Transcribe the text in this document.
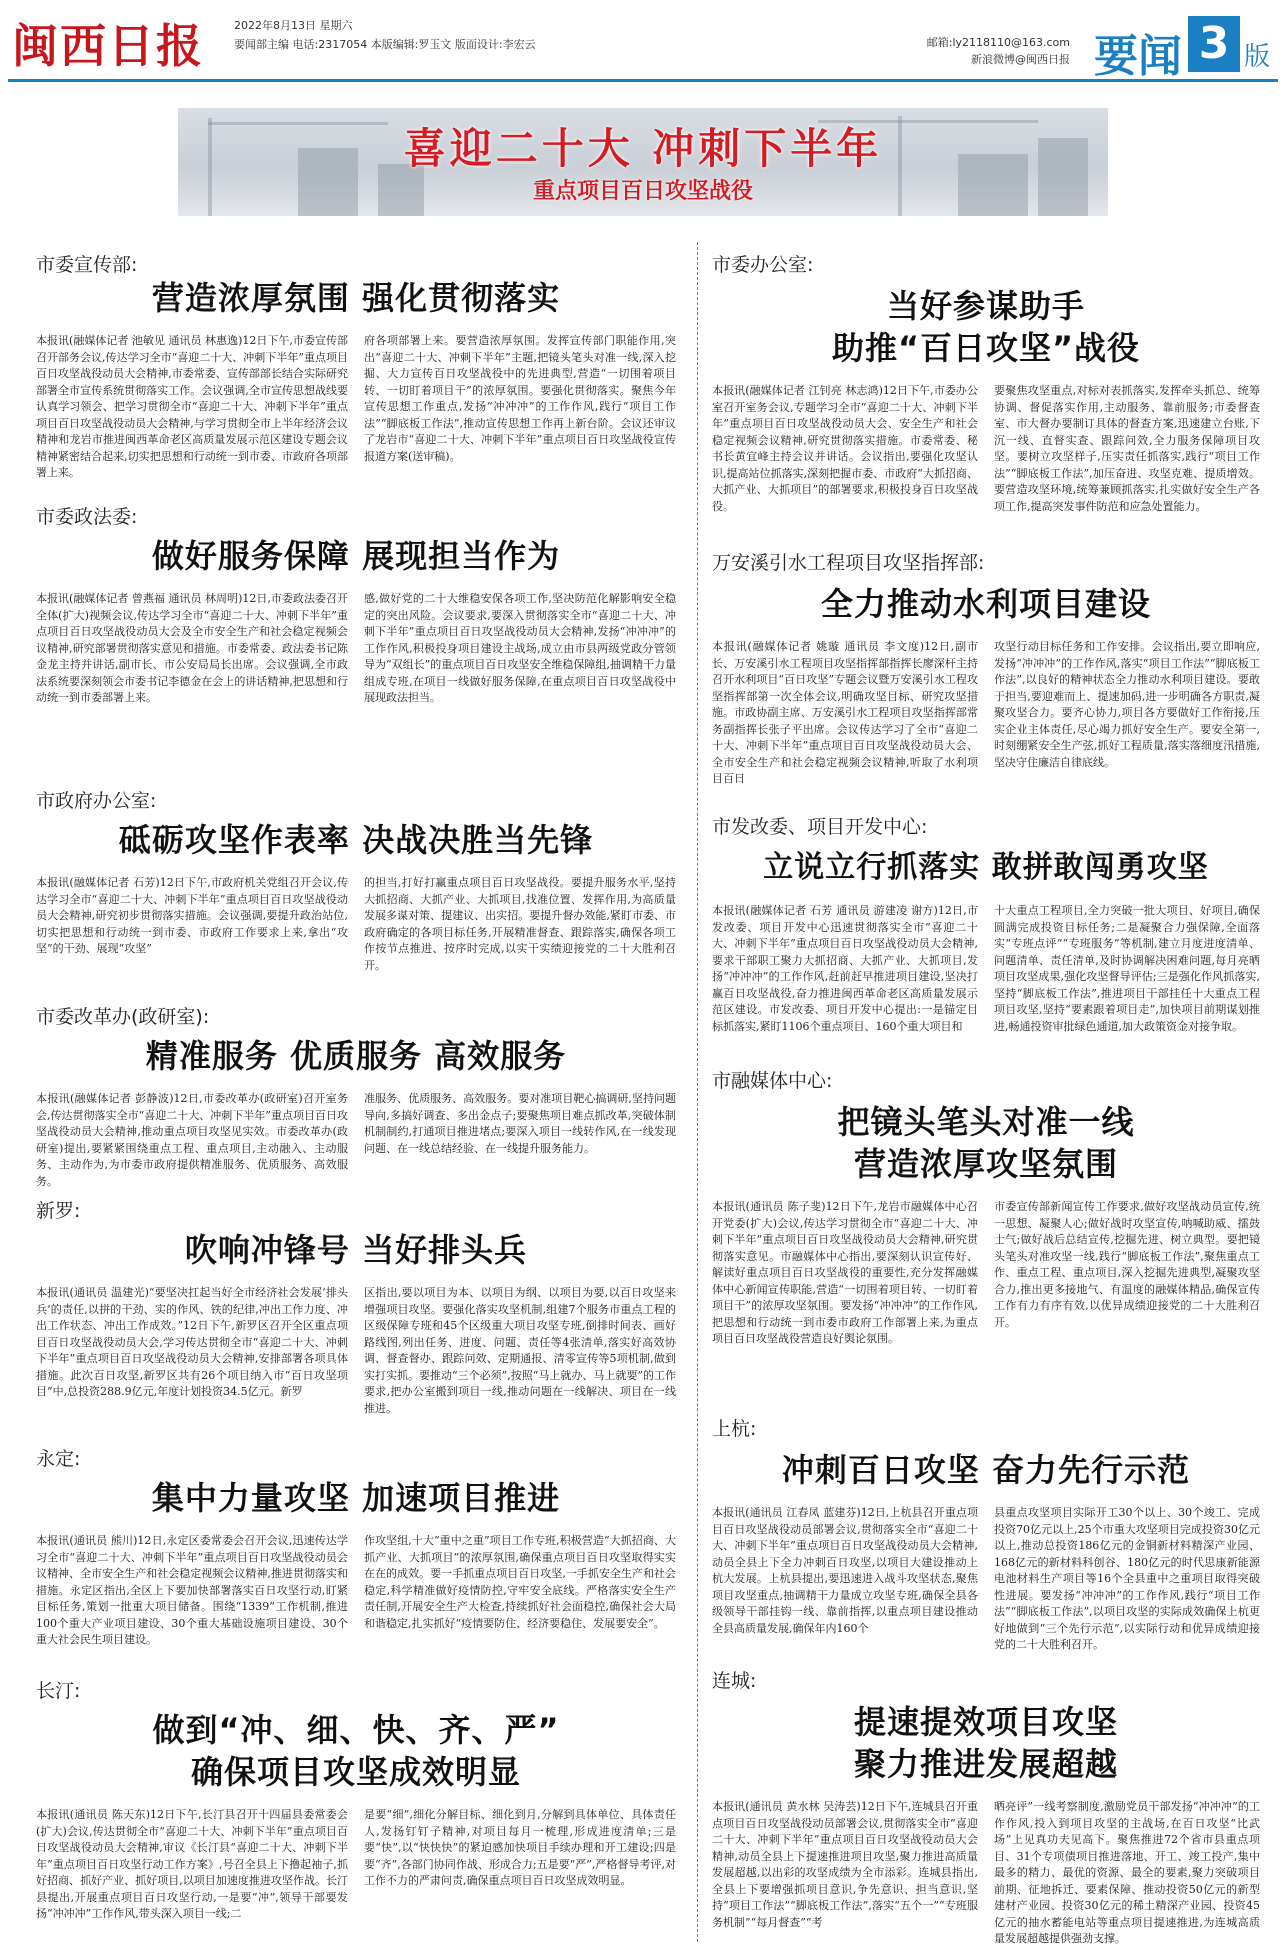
闽西日报	2022年8月13日 星期六
要闻部主编 电话:2317054 本版编辑:罗玉文 版面设计:李宏云	邮箱:ly2118110@163.com
新浪微博@闽西日报 要闻 3 版
喜迎二十大 冲刺下半年
重点项目百日攻坚战役
市委宣传部:
营造浓厚氛围 强化贯彻落实

本报讯(融媒体记者 池敏见 通讯员 林惠逸)12日下午,市委宣传部召开部务会议,传达学习全市“喜迎二十大、冲刺下半年”重点项目百日攻坚战役动员大会精神,市委常委、宣传部部长结合实际研究部署全市宣传系统贯彻落实工作。会议强调,全市宣传思想战线要认真学习领会、把学习贯彻全市“喜迎二十大、冲刺下半年”重点项目百日攻坚战役动员大会精神,与学习贯彻全市上半年经济会议精神和龙岩市推进闽西革命老区高质量发展示范区建设专题会议精神紧密结合起来,切实把思想和行动统一到市委、市政府各项部署上来。

府各项部署上来。要营造浓厚氛围。发挥宣传部门职能作用,突出“喜迎二十大、冲刺下半年”主题,把镜头笔头对准一线,深入挖掘、大力宣传百日攻坚战役中的先进典型,营造“一切围着项目转、一切盯着项目干”的浓厚氛围。要强化贯彻落实。聚焦今年宣传思想工作重点,发扬“冲冲冲”的工作作风,践行“项目工作法”“脚底板工作法”,推动宣传思想工作再上新台阶。会议还审议了龙岩市“喜迎二十大、冲刺下半年”重点项目百日攻坚战役宣传报道方案(送审稿)。

市委政法委:
做好服务保障 展现担当作为

本报讯(融媒体记者 曾燕福 通讯员 林周明)12日,市委政法委召开全体(扩大)视频会议,传达学习全市“喜迎二十大、冲刺下半年”重点项目百日攻坚战役动员大会及全市安全生产和社会稳定视频会议精神,研究部署贯彻落实意见和措施。市委常委、政法委书记陈金龙主持并讲话,副市长、市公安局局长出席。会议强调,全市政法系统要深刻领会市委书记李德金在会上的讲话精神,把思想和行动统一到市委部署上来。

感,做好党的二十大维稳安保各项工作,坚决防范化解影响安全稳定的突出风险。会议要求,要深入贯彻落实全市“喜迎二十大、冲刺下半年”重点项目百日攻坚战役动员大会精神,发扬“冲冲冲”的工作作风,积极投身项目建设主战场,成立由市县两级党政分管领导为“双组长”的重点项目百日攻坚安全维稳保障组,抽调精干力量组成专班,在项目一线做好服务保障,在重点项目百日攻坚战役中展现政法担当。

市政府办公室:
砥砺攻坚作表率 决战决胜当先锋

本报讯(融媒体记者 石芳)12日下午,市政府机关党组召开会议,传达学习全市“喜迎二十大、冲刺下半年”重点项目百日攻坚战役动员大会精神,研究初步贯彻落实措施。会议强调,要提升政治站位,切实把思想和行动统一到市委、市政府工作要求上来,拿出“攻坚”的干劲、展现“攻坚”

的担当,打好打赢重点项目百日攻坚战役。要提升服务水平,坚持大抓招商、大抓产业、大抓项目,找准位置、发挥作用,为高质量发展多谋对策、提建议、出实招。要提升督办效能,紧盯市委、市政府确定的各项目标任务,开展精准督查、跟踪落实,确保各项工作按节点推进、按序时完成,以实干实绩迎接党的二十大胜利召开。

市委改革办(政研室):
精准服务 优质服务 高效服务

本报讯(融媒体记者 彭静波)12日,市委改革办(政研室)召开室务会,传达贯彻落实全市“喜迎二十大、冲刺下半年”重点项目百日攻坚战役动员大会精神,推动重点项目攻坚见实效。市委改革办(政研室)提出,要紧紧围绕重点工程、重点项目,主动融入、主动服务、主动作为,为市委市政府提供精准服务、优质服务、高效服务。

准服务、优质服务、高效服务。要对准项目靶心搞调研,坚持问题导向,多搞好调查、多出金点子;要聚焦项目难点抓改革,突破体制机制制约,打通项目推进堵点;要深入项目一线转作风,在一线发现问题、在一线总结经验、在一线提升服务能力。

新罗:
吹响冲锋号 当好排头兵

本报讯(通讯员 温建光)“要坚决扛起当好全市经济社会发展‘排头兵’的责任,以拼的干劲、实的作风、铁的纪律,冲出工作力度、冲出工作状态、冲出工作成效。”12日下午,新罗区召开全区重点项目百日攻坚战役动员大会,学习传达贯彻全市“喜迎二十大、冲刺下半年”重点项目百日攻坚战役动员大会精神,安排部署各项具体措施。此次百日攻坚,新罗区共有26个项目纳入市“百日攻坚项目”中,总投资288.9亿元,年度计划投资34.5亿元。新罗

区指出,要以项目为本、以项目为纲、以项目为要,以百日攻坚来增强项目攻坚。要强化落实攻坚机制,组建7个服务市重点工程的区级保障专班和45个区级重大项目攻坚专班,倒排时间表、画好路线图,列出任务、进度、问题、责任等4张清单,落实好高效协调、督查督办、跟踪问效、定期通报、清零宣传等5项机制,做到实打实抓。要推动“三个必须”,按照“马上就办、马上就要”的工作要求,把办公室搬到项目一线,推动问题在一线解决、项目在一线推进。

永定:
集中力量攻坚 加速项目推进

本报讯(通讯员 熊川)12日,永定区委常委会召开会议,迅速传达学习全市“喜迎二十大、冲刺下半年”重点项目百日攻坚战役动员会议精神、全市安全生产和社会稳定视频会议精神,推进贯彻落实和措施。永定区指出,全区上下要加快部署落实百日攻坚行动,盯紧目标任务,策划一批重大项目储备。围绕“1339”工作机制,推进100个重大产业项目建设、30个重大基础设施项目建设、30个重大社会民生项目建设。

作攻坚组,十大“重中之重”项目工作专班,积极营造“大抓招商、大抓产业、大抓项目”的浓厚氛围,确保重点项目百日攻坚取得实实在在的成效。要一手抓重点项目百日攻坚,一手抓安全生产和社会稳定,科学精准做好疫情防控,守牢安全底线。严格落实安全生产责任制,开展安全生产大检查,持续抓好社会面稳控,确保社会大局和谐稳定,扎实抓好“疫情要防住、经济要稳住、发展要安全”。

长汀:
做到“冲、细、快、齐、严”
确保项目攻坚成效明显

本报讯(通讯员 陈天东)12日下午,长汀县召开十四届县委常委会(扩大)会议,传达贯彻全市“喜迎二十大、冲刺下半年”重点项目百日攻坚战役动员大会精神,审议《长汀县“喜迎二十大、冲刺下半年”重点项目百日攻坚行动工作方案》,号召全县上下撸起袖子,抓好招商、抓好产业、抓好项目,以项目加速度推进攻坚作战。长汀县提出,开展重点项目百日攻坚行动,一是要“冲”,领导干部要发扬“冲冲冲”工作作风,带头深入项目一线;二

是要“细”,细化分解目标、细化到月,分解到具体单位、具体责任人,发扬钉钉子精神,对项目每月一梳理,形成进度清单;三是要“快”,以“快快快”的紧迫感加快项目手续办理和开工建设;四是要“齐”,各部门协同作战、形成合力;五是要“严”,严格督导考评,对工作不力的严肃问责,确保重点项目百日攻坚成效明显。

市委办公室:
当好参谋助手
助推“百日攻坚”战役

本报讯(融媒体记者 江钊亮 林志鸿)12日下午,市委办公室召开室务会议,专题学习全市“喜迎二十大、冲刺下半年”重点项目百日攻坚战役动员大会、安全生产和社会稳定视频会议精神,研究贯彻落实措施。市委常委、秘书长黄宜峰主持会议并讲话。会议指出,要强化攻坚认识,提高站位抓落实,深刻把握市委、市政府“大抓招商、大抓产业、大抓项目”的部署要求,积极投身百日攻坚战役。

要聚焦攻坚重点,对标对表抓落实,发挥牵头抓总、统筹协调、督促落实作用,主动服务、靠前服务;市委督查室、市大督办要制订具体的督查方案,迅速建立台账,下沉一线、直督实查、跟踪问效,全力服务保障项目攻坚。要树立攻坚样子,压实责任抓落实,践行“项目工作法”“脚底板工作法”,加压奋进、攻坚克难、提质增效。要营造攻坚环境,统筹兼顾抓落实,扎实做好安全生产各项工作,提高突发事件防范和应急处置能力。

万安溪引水工程项目攻坚指挥部:
全力推动水利项目建设

本报讯(融媒体记者 姚璇 通讯员 李文度)12日,副市长、万安溪引水工程项目攻坚指挥部指挥长廖深杆主持召开水利项目“百日攻坚”专题会议暨万安溪引水工程攻坚指挥部第一次全体会议,明确攻坚目标、研究攻坚措施。市政协副主席、万安溪引水工程项目攻坚指挥部常务副指挥长张子平出席。会议传达学习了全市“喜迎二十大、冲刺下半年”重点项目百日攻坚战役动员大会、全市安全生产和社会稳定视频会议精神,听取了水利项目百日

攻坚行动目标任务和工作安排。会议指出,要立即响应,发扬“冲冲冲”的工作作风,落实“项目工作法”“脚底板工作法”,以良好的精神状态全力推动水利项目建设。要敢于担当,要迎难而上、提速加码,进一步明确各方职责,凝聚攻坚合力。要齐心协力,项目各方要做好工作衔接,压实企业主体责任,尽心竭力抓好安全生产。要安全第一,时刻绷紧安全生产弦,抓好工程质量,落实落细度汛措施,坚决守住廉洁自律底线。

市发改委、项目开发中心:
立说立行抓落实 敢拼敢闯勇攻坚

本报讯(融媒体记者 石芳 通讯员 游建凌 谢方)12日,市发改委、项目开发中心迅速贯彻落实全市“喜迎二十大、冲刺下半年”重点项目百日攻坚战役动员大会精神,要求干部职工聚力大抓招商、大抓产业、大抓项目,发扬“冲冲冲”的工作作风,赶前赶早推进项目建设,坚决打赢百日攻坚战役,奋力推进闽西革命老区高质量发展示范区建设。市发改委、项目开发中心提出:一是锚定目标抓落实,紧盯1106个重点项目、160个重大项目和

十大重点工程项目,全力突破一批大项目、好项目,确保圆满完成投资目标任务;二是凝聚合力强保障,全面落实“专班点评”“专班服务”等机制,建立月度进度清单、问题清单、责任清单,及时协调解决困难问题,每月亮晒项目攻坚成果,强化攻坚督导评估;三是强化作风抓落实,坚持“脚底板工作法”,推进项目干部挂任十大重点工程项目攻坚,坚持“要素跟着项目走”,加快项目前期谋划推进,畅通投资审批绿色通道,加大政策资金对接争取。

市融媒体中心:
把镜头笔头对准一线
营造浓厚攻坚氛围

本报讯(通讯员 陈子斐)12日下午,龙岩市融媒体中心召开党委(扩大)会议,传达学习贯彻全市“喜迎二十大、冲刺下半年”重点项目百日攻坚战役动员大会精神,研究贯彻落实意见。市融媒体中心指出,要深刻认识宣传好、解读好重点项目百日攻坚战役的重要性,充分发挥融媒体中心新闻宣传职能,营造“一切围着项目转、一切盯着项目干”的浓厚攻坚氛围。要发扬“冲冲冲”的工作作风,把思想和行动统一到市委市政府工作部署上来,为重点项目百日攻坚战役营造良好舆论氛围。

市委宣传部新闻宣传工作要求,做好攻坚战动员宣传,统一思想、凝聚人心;做好战时攻坚宣传,呐喊助威、擂鼓士气;做好战后总结宣传,挖掘先进、树立典型。要把镜头笔头对准攻坚一线,践行“脚底板工作法”,聚焦重点工作、重点工程、重点项目,深入挖掘先进典型,凝聚攻坚合力,推出更多接地气、有温度的融媒体精品,确保宣传工作有力有序有效,以优异成绩迎接党的二十大胜利召开。

上杭:
冲刺百日攻坚 奋力先行示范

本报讯(通讯员 江春凤 蓝建芬)12日,上杭县召开重点项目百日攻坚战役动员部署会议,贯彻落实全市“喜迎二十大、冲刺下半年”重点项目百日攻坚战役动员大会精神,动员全县上下全力冲刺百日攻坚,以项目大建设推动上杭大发展。上杭县提出,要迅速进入战斗攻坚状态,聚焦项目攻坚重点,抽调精干力量成立攻坚专班,确保全县各级领导干部挂钩一线、靠前指挥,以重点项目建设推动全县高质量发展,确保年内160个

县重点攻坚项目实际开工30个以上、30个竣工、完成投资70亿元以上,25个市重大攻坚项目完成投资30亿元以上,推动总投资186亿元的金铜新材料精深产业园、168亿元的新材料科创谷、180亿元的时代思康新能源电池材料生产项目等16个全县重中之重项目取得突破性进展。要发扬“冲冲冲”的工作作风,践行“项目工作法”“脚底板工作法”,以项目攻坚的实际成效确保上杭更好地做到“三个先行示范”,以实际行动和优异成绩迎接党的二十大胜利召开。

连城:
提速提效项目攻坚
聚力推进发展超越

本报讯(通讯员 黄水林 吴涛芸)12日下午,连城县召开重点项目百日攻坚战役动员部署会议,贯彻落实全市“喜迎二十大、冲刺下半年”重点项目百日攻坚战役动员大会精神,动员全县上下提速推进项目攻坚,聚力推进高质量发展超越,以出彩的攻坚成绩为全市添彩。连城县指出,全县上下要增强抓项目意识,争先意识、担当意识,坚持“项目工作法”“脚底板工作法”,落实“五个一”“专班服务机制”“每月督查”“考

晒亮评”一线考察制度,激励党员干部发扬“冲冲冲”的工作作风,投入到项目攻坚的主战场,在百日攻坚“比武场”上见真功夫见高下。聚焦推进72个省市县重点项目、31个专项债项目推进落地、开工、竣工投产,集中最多的精力、最优的资源、最全的要素,聚力突破项目前期、征地拆迁、要素保障、推动投资50亿元的新型建材产业园、投资30亿元的稀土精深产业园、投资45亿元的抽水蓄能电站等重点项目提速推进,为连城高质量发展超越提供强劲支撑。
